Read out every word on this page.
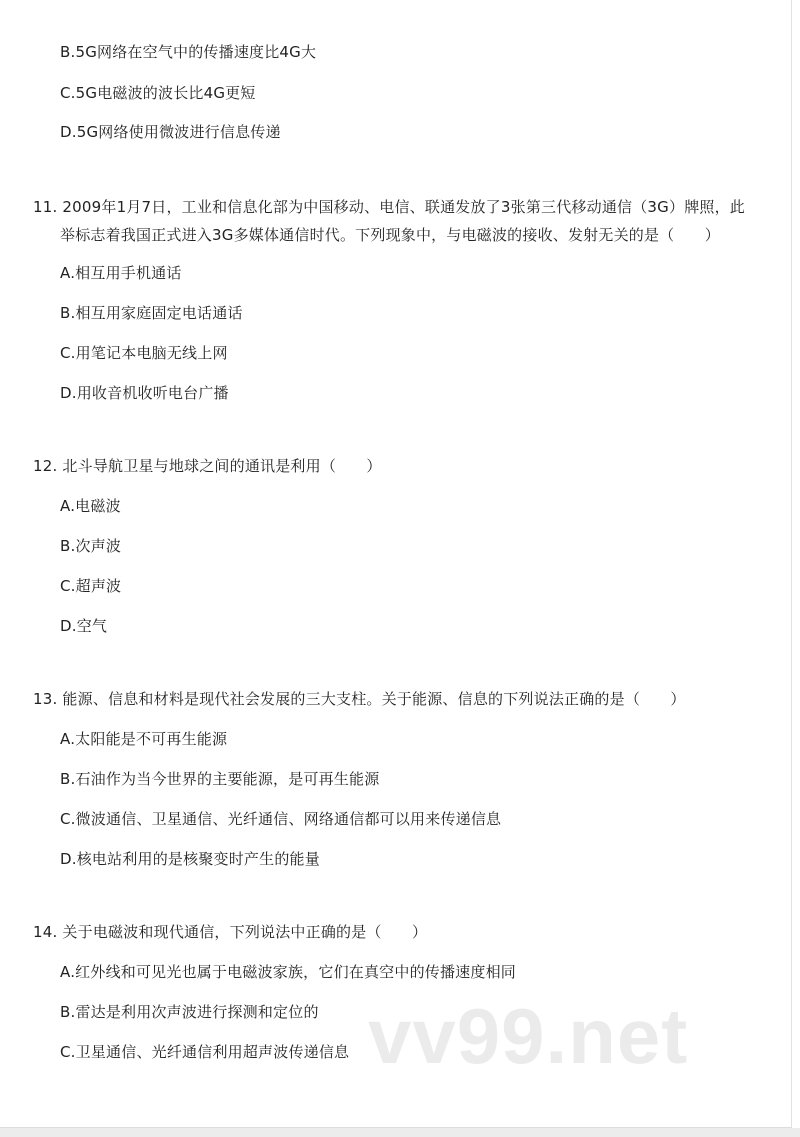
B.5G网络在空气中的传播速度比4G大
C.5G电磁波的波长比4G更短
D.5G网络使用微波进行信息传递
11. 2009年1月7日，工业和信息化部为中国移动、电信、联通发放了3张第三代移动通信（3G）牌照，此
举标志着我国正式进入3G多媒体通信时代。下列现象中，与电磁波的接收、发射无关的是（　　）
A.相互用手机通话
B.相互用家庭固定电话通话
C.用笔记本电脑无线上网
D.用收音机收听电台广播
12. 北斗导航卫星与地球之间的通讯是利用（　　）
A.电磁波
B.次声波
C.超声波
D.空气
13. 能源、信息和材料是现代社会发展的三大支柱。关于能源、信息的下列说法正确的是（　　）
A.太阳能是不可再生能源
B.石油作为当今世界的主要能源，是可再生能源
C.微波通信、卫星通信、光纤通信、网络通信都可以用来传递信息
D.核电站利用的是核聚变时产生的能量
14. 关于电磁波和现代通信，下列说法中正确的是（　　）
A.红外线和可见光也属于电磁波家族，它们在真空中的传播速度相同
vv99.net
B.雷达是利用次声波进行探测和定位的
C.卫星通信、光纤通信利用超声波传递信息
